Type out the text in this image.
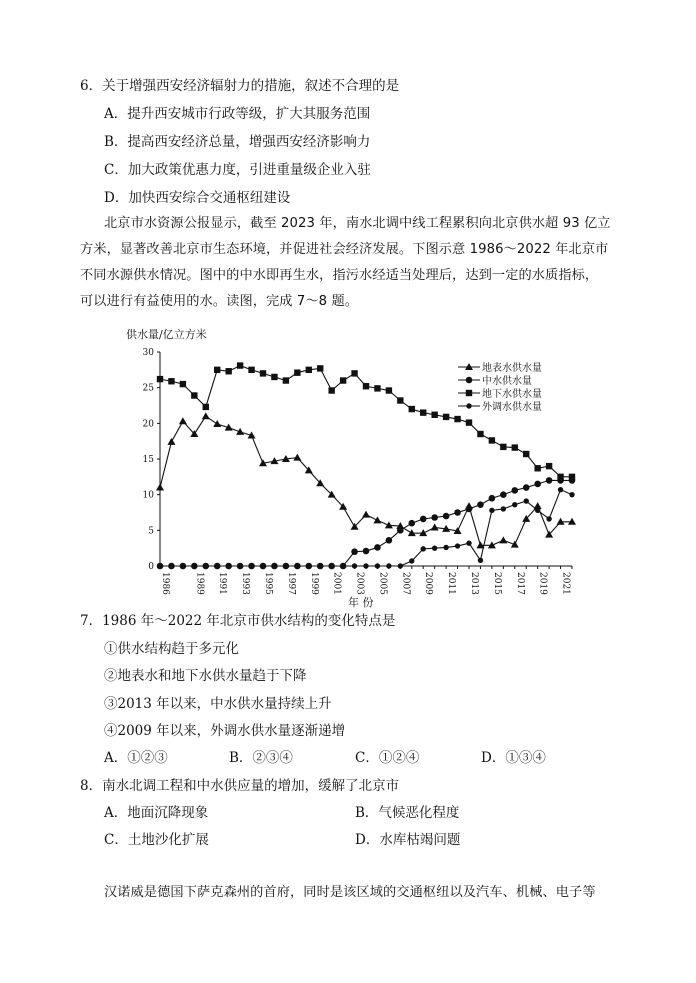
6．关于增强西安经济辐射力的措施，叙述不合理的是
A．提升西安城市行政等级，扩大其服务范围
B．提高西安经济总量，增强西安经济影响力
C．加大政策优惠力度，引进重量级企业入驻
D．加快西安综合交通枢纽建设
北京市水资源公报显示，截至 2023 年，南水北调中线工程累积向北京供水超 93 亿立
方米，显著改善北京市生态环境，并促进社会经济发展。下图示意 1986～2022 年北京市
不同水源供水情况。图中的中水即再生水，指污水经适当处理后，达到一定的水质指标，
可以进行有益使用的水。读图，完成 7～8 题。
供水量/亿立方米
年 份
0
5
10
15
20
25
30
1986	1989 1991 1993 1995 1997 1999 2001 2003 2005 2007 2009 2011 2013 2015 2017 2019 2021
地表水供水量
中水供水量
地下水供水量
外调水供水量
7．1986 年～2022 年北京市供水结构的变化特点是
①供水结构趋于多元化
②地表水和地下水供水量趋于下降
③2013 年以来，中水供水量持续上升
④2009 年以来，外调水供水量逐渐递增
A．①②③	B．②③④	C．①②④	D．①③④
8．南水北调工程和中水供应量的增加，缓解了北京市
A．地面沉降现象	B．气候恶化程度
C．土地沙化扩展	D．水库枯竭问题
汉诺威是德国下萨克森州的首府，同时是该区域的交通枢纽以及汽车、机械、电子等
